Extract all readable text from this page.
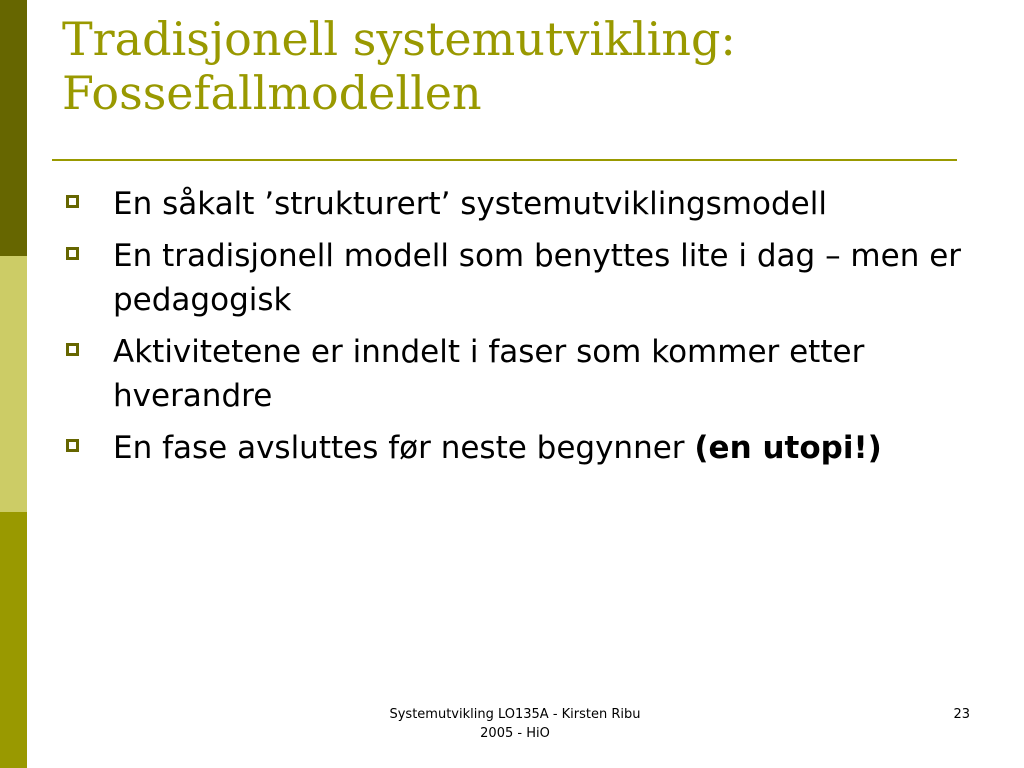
Tradisjonell systemutvikling: Fossefallmodellen
En såkalt ’strukturert’ systemutviklingsmodell
En tradisjonell modell som benyttes lite i dag – men er pedagogisk
Aktivitetene er inndelt i faser som kommer etter hverandre
En fase avsluttes før neste begynner (en utopi!)
Systemutvikling LO135A - Kirsten Ribu
2005 - HiO
23
